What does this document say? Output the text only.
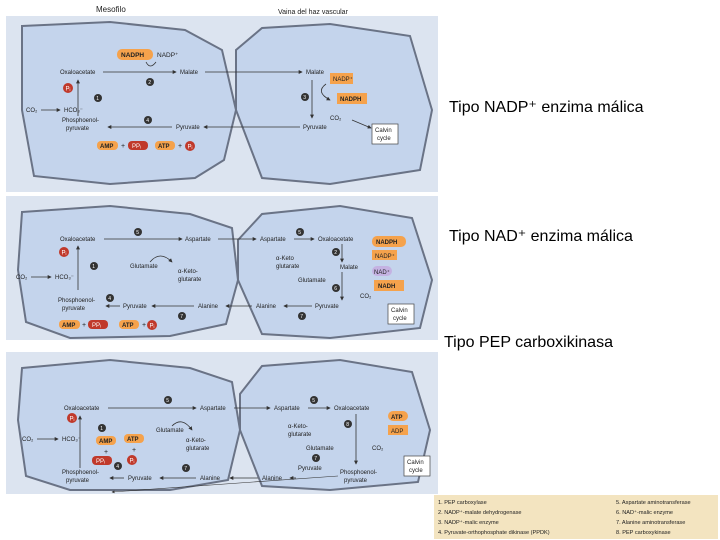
Mesofilo	Vaina del haz vascular
NADPH NADP⁺
Oxaloacetate	Malate	Malate
2
Pᵢ
1
CO₂	HCO₃⁻
Phosphoenol-
pyruvate
4
Pyruvate	Pyruvate
AMP + PPᵢ	ATP + Pᵢ
NADP⁺
NADPH
3
CO₂
Calvin
cycle
Oxaloacetate	Aspartate	Aspartate	Oxaloacetate
5	5
Glutamate
α-Keto-
glutarate
α-Keto
glutarate
Glutamate
Pᵢ
1
CO₂	HCO₃⁻
Phosphoenol-
pyruvate
4
Pyruvate	Alanine
7
Alanine	Pyruvate
7
AMP + PPᵢ	ATP + Pᵢ
NADPH
NADP⁺
2
Malate
NAD⁺
6	NADH
CO₂
Calvin
cycle
Oxaloacetate	Aspartate	Aspartate	Oxaloacetate
5	5
Glutamate
α-Keto-
glutarate
α-Keto-
glutarate
Glutamate
Pᵢ
1
CO₂	HCO₃⁻	AMP ATP
+	+
PPᵢ	Pᵢ
4
Phosphoenol-
pyruvate	Pyruvate	Alanine
7
Alanine
Pyruvate
7
Phosphoenol-
pyruvate
ATP
ADP
8
CO₂
Calvin
cycle
Tipo NADP⁺ enzima málica
Tipo NAD⁺ enzima málica
Tipo PEP carboxikinasa
1. PEP carboxylase
2. NADP⁺-malate dehydrogenase
3. NADP⁺-malic enzyme
4. Pyruvate-orthophosphate dikinase (PPDK)
5. Aspartate aminotransferase
6. NAD⁺-malic enzyme
7. Alanine aminotransferase
8. PEP carboxykinase
